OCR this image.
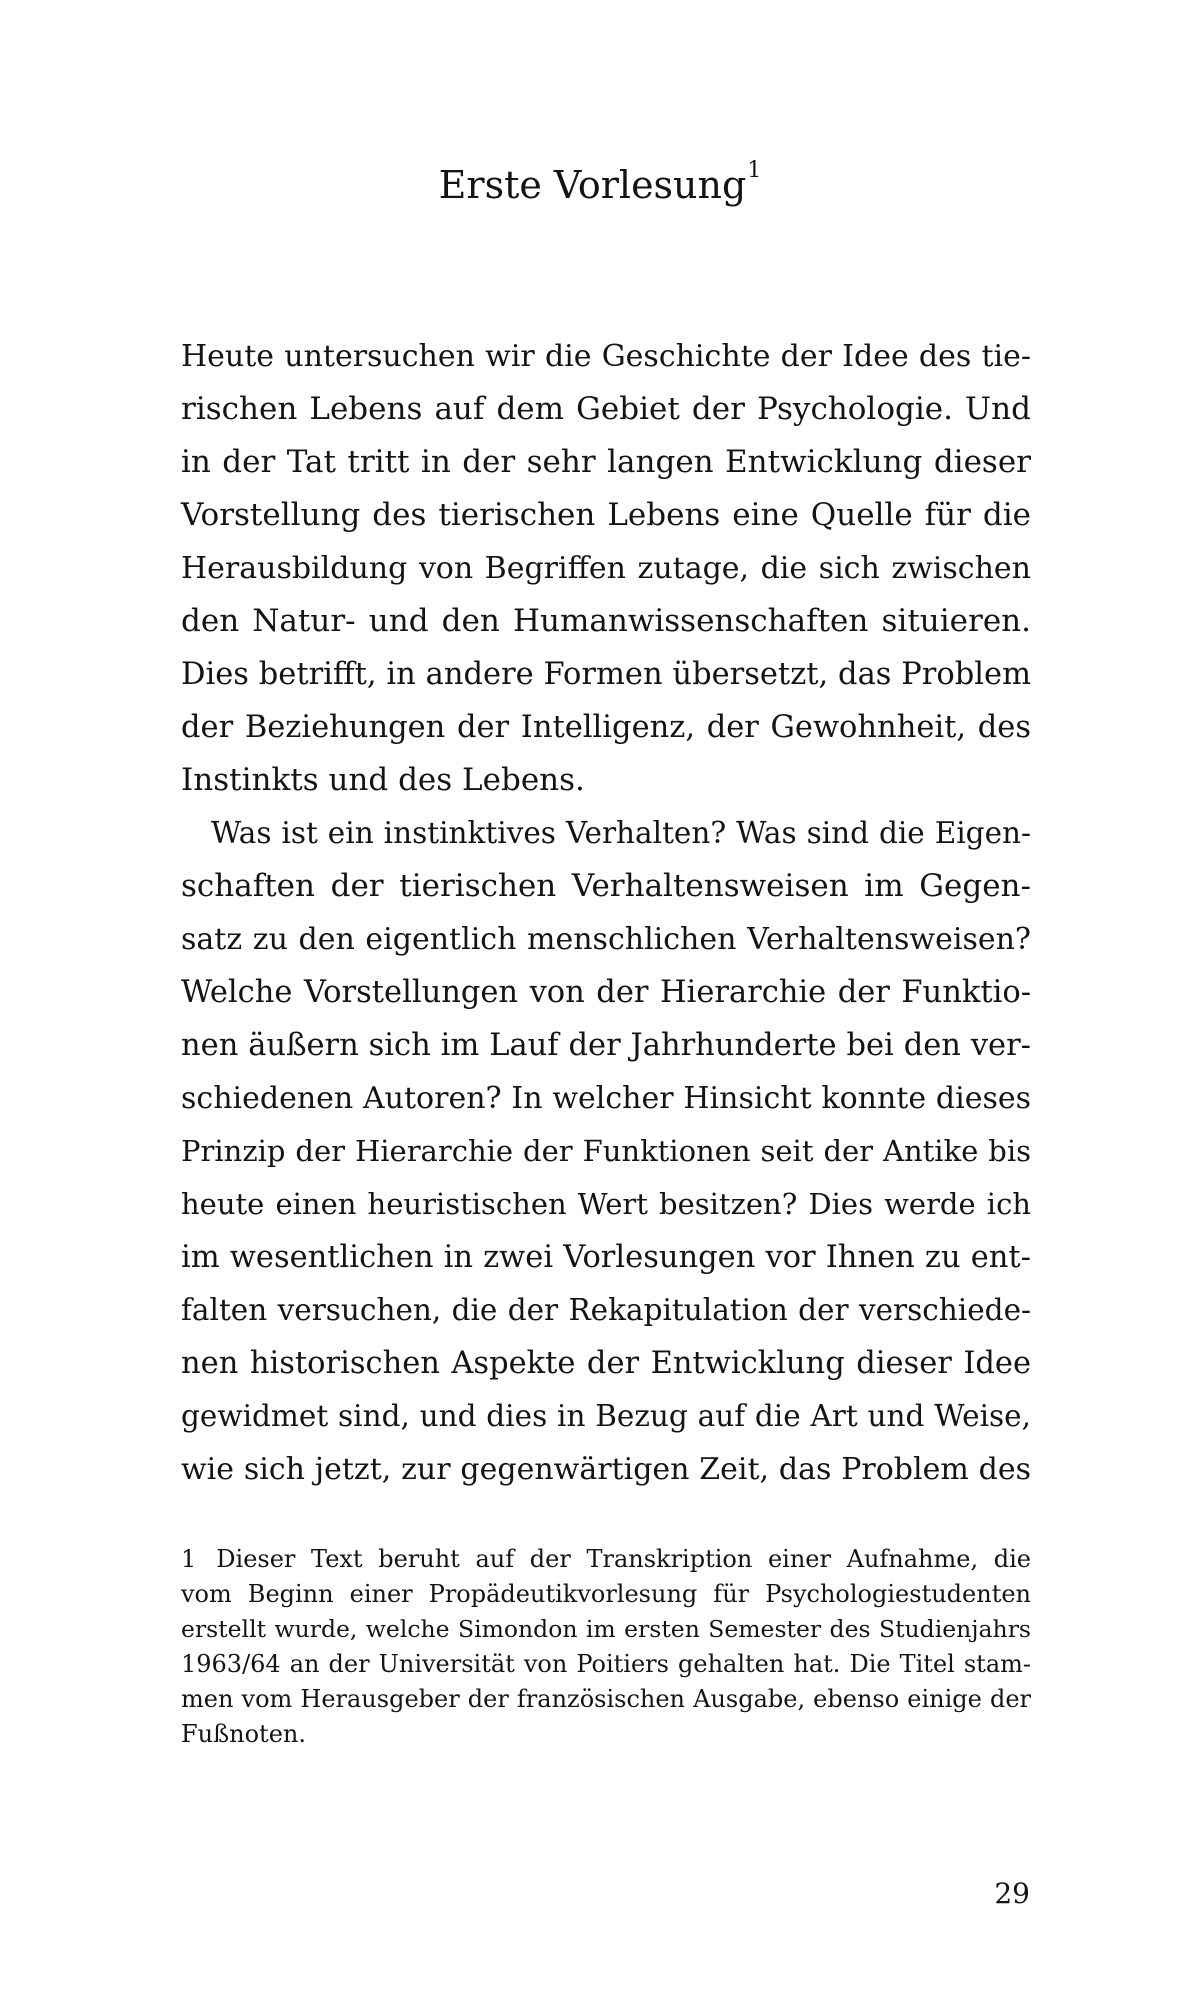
Erste Vorlesung$^1$
Heute untersuchen wir die Geschichte der Idee des tie-
rischen Lebens auf dem Gebiet der Psychologie. Und
in der Tat tritt in der sehr langen Entwicklung dieser
Vorstellung des tierischen Lebens eine Quelle für die
Herausbildung von Begriffen zutage, die sich zwischen
den Natur- und den Humanwissenschaften situieren.
Dies betrifft, in andere Formen übersetzt, das Problem
der Beziehungen der Intelligenz, der Gewohnheit, des
Instinkts und des Lebens.
Was ist ein instinktives Verhalten? Was sind die Eigen-
schaften der tierischen Verhaltensweisen im Gegen-
satz zu den eigentlich menschlichen Verhaltensweisen?
Welche Vorstellungen von der Hierarchie der Funktio-
nen äußern sich im Lauf der Jahrhunderte bei den ver-
schiedenen Autoren? In welcher Hinsicht konnte dieses
Prinzip der Hierarchie der Funktionen seit der Antike bis
heute einen heuristischen Wert besitzen? Dies werde ich
im wesentlichen in zwei Vorlesungen vor Ihnen zu ent-
falten versuchen, die der Rekapitulation der verschiede-
nen historischen Aspekte der Entwicklung dieser Idee
gewidmet sind, und dies in Bezug auf die Art und Weise,
wie sich jetzt, zur gegenwärtigen Zeit, das Problem des
1 Dieser Text beruht auf der Transkription einer Aufnahme, die
vom Beginn einer Propädeutikvorlesung für Psychologiestudenten
erstellt wurde, welche Simondon im ersten Semester des Studienjahrs
1963/64 an der Universität von Poitiers gehalten hat. Die Titel stam-
men vom Herausgeber der französischen Ausgabe, ebenso einige der
Fußnoten.
29
